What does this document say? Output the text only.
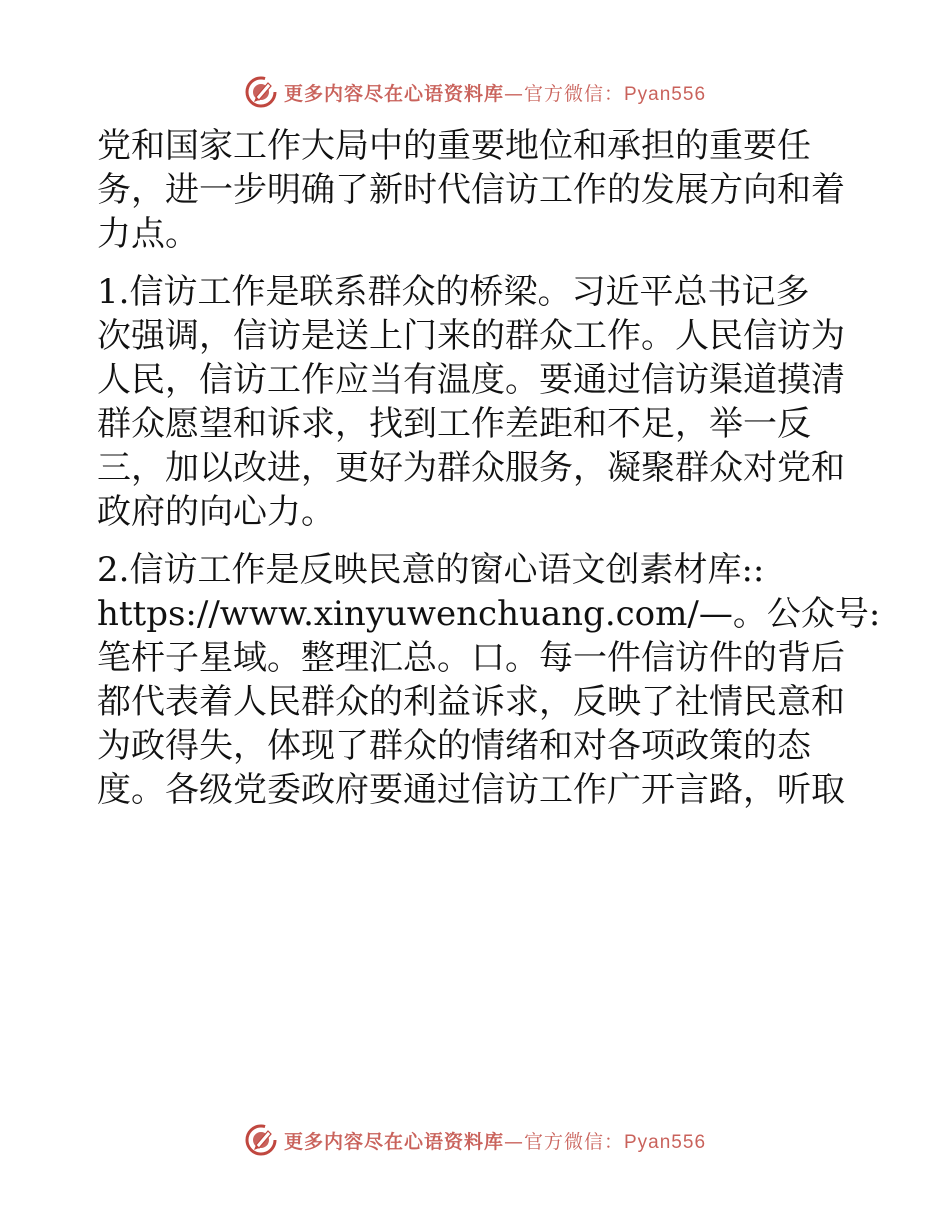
更多内容尽在心语资料库—官方微信：Pyan556
党和国家工作大局中的重要地位和承担的重要任
务，进一步明确了新时代信访工作的发展方向和着
力点。
1.信访工作是联系群众的桥梁。习近平总书记多
次强调，信访是送上门来的群众工作。人民信访为
人民，信访工作应当有温度。要通过信访渠道摸清
群众愿望和诉求，找到工作差距和不足，举一反
三，加以改进，更好为群众服务，凝聚群众对党和
政府的向心力。
2.信访工作是反映民意的窗心语文创素材库::
https://www.xinyuwenchuang.com/—。公众号:
笔杆子星域。整理汇总。口。每一件信访件的背后
都代表着人民群众的利益诉求，反映了社情民意和
为政得失，体现了群众的情绪和对各项政策的态
度。各级党委政府要通过信访工作广开言路，听取
更多内容尽在心语资料库—官方微信：Pyan556
